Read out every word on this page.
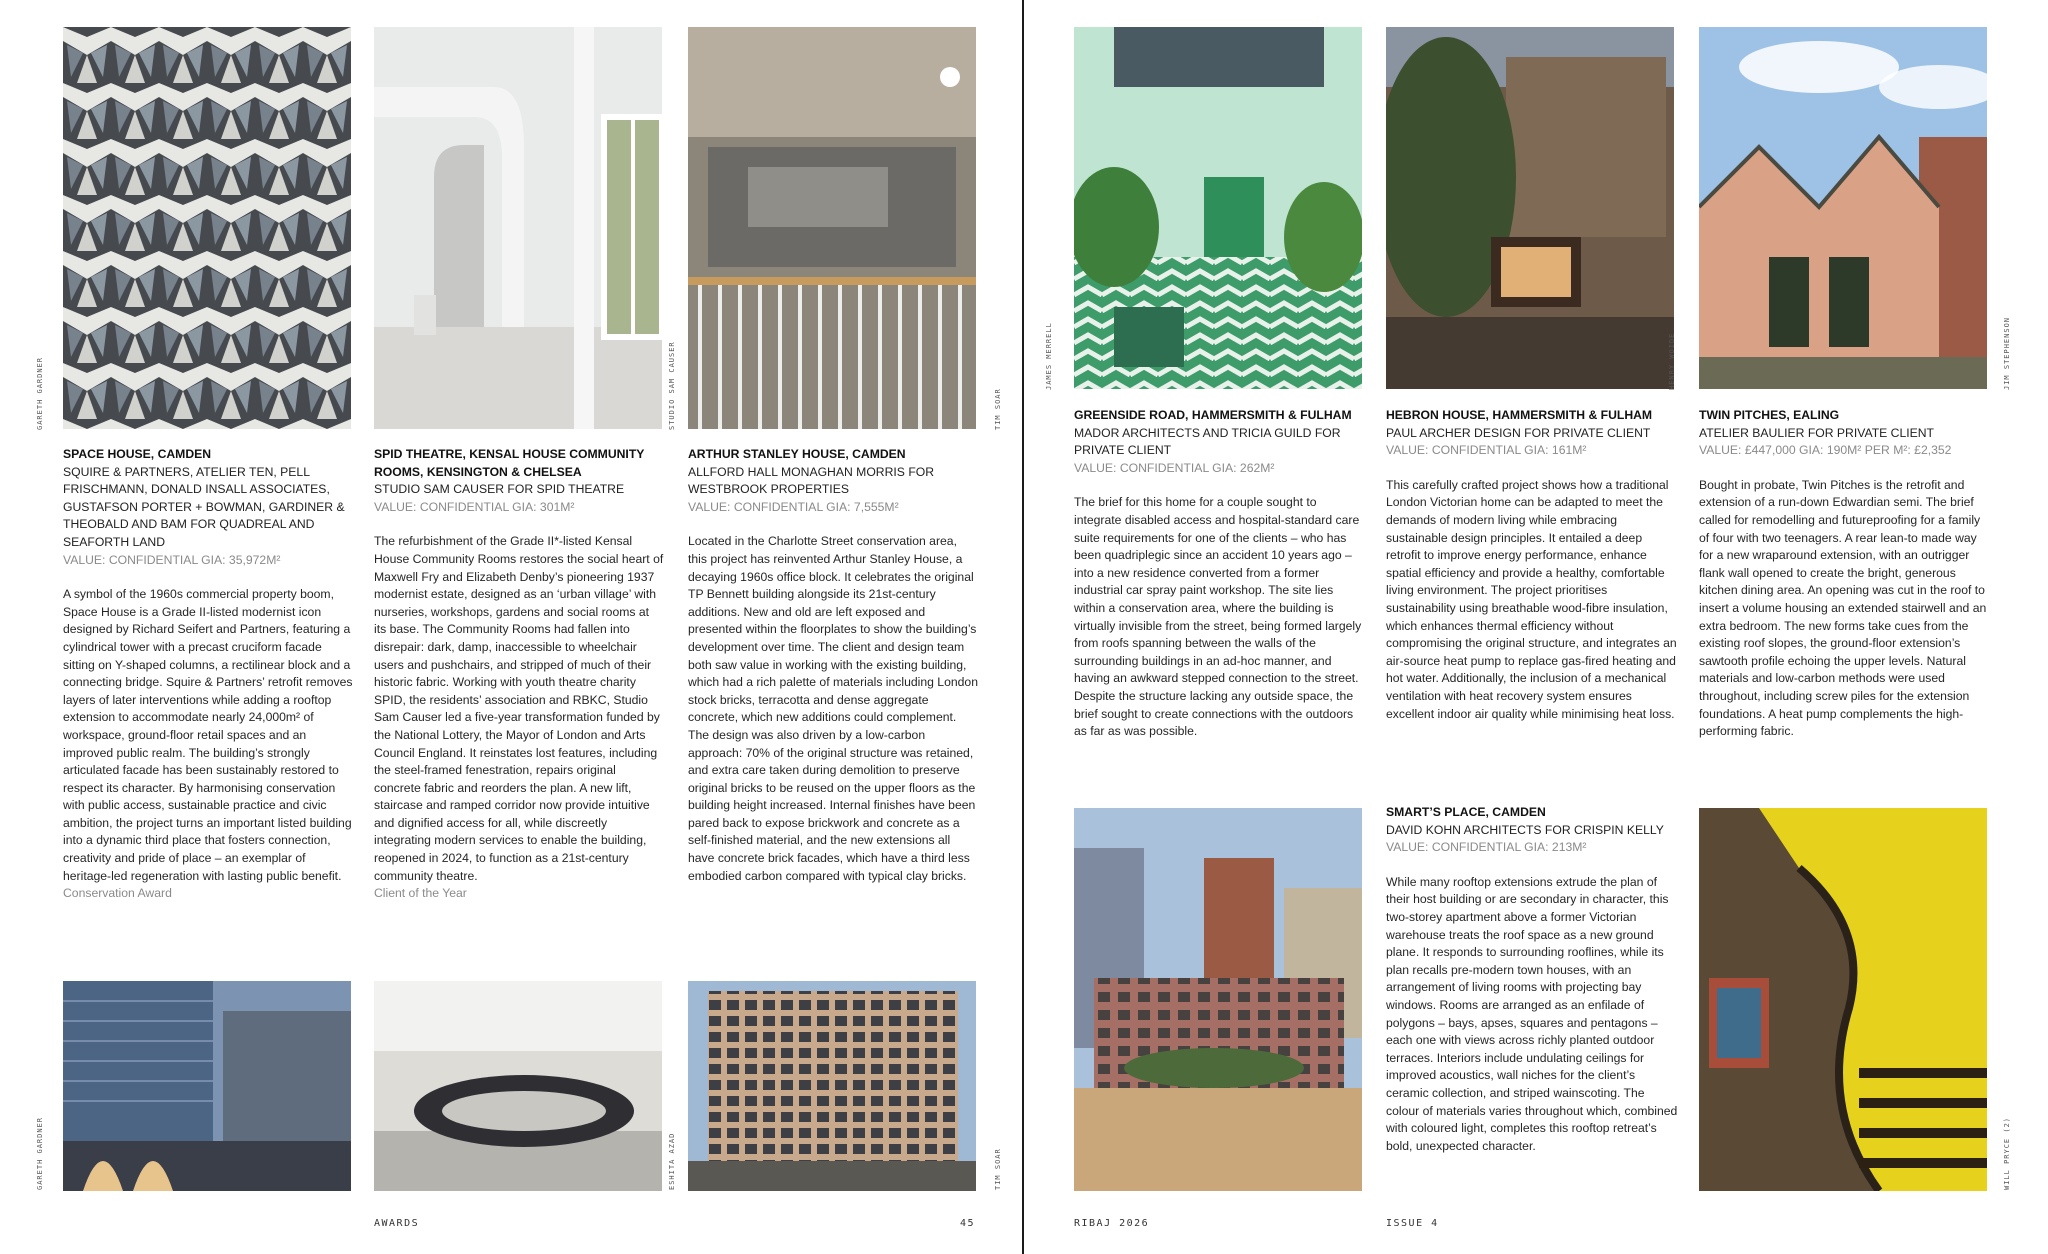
GARETH GARDNER	STUDIO SAM CAUSER	TIM SOAR
GARETH GARDNER	ESHITA AZAD	TIM SOAR
JAMES MERRELL	HENRY WOIDE	JIM STEPHENSON
WILL PRYCE (2)
SPACE HOUSE, CAMDEN
SQUIRE & PARTNERS, ATELIER TEN, PELL FRISCHMANN, DONALD INSALL ASSOCIATES, GUSTAFSON PORTER + BOWMAN, GARDINER & THEOBALD AND BAM FOR QUADREAL AND SEAFORTH LAND
VALUE: CONFIDENTIAL GIA: 35,972M²
A symbol of the 1960s commercial property boom, Space House is a Grade II-listed modernist icon designed by Richard Seifert and Partners, featuring a cylindrical tower with a precast cruciform facade sitting on Y-shaped columns, a rectilinear block and a connecting bridge. Squire & Partners’ retrofit removes layers of later interventions while adding a rooftop extension to accommodate nearly 24,000m² of workspace, ground-floor retail spaces and an improved public realm. The building’s strongly articulated facade has been sustainably restored to respect its character. By harmonising conservation with public access, sustainable practice and civic ambition, the project turns an important listed building into a dynamic third place that fosters connection, creativity and pride of place – an exemplar of heritage-led regeneration with lasting public benefit.
Conservation Award
SPID THEATRE, KENSAL HOUSE COMMUNITY ROOMS, KENSINGTON & CHELSEA
STUDIO SAM CAUSER FOR SPID THEATRE
VALUE: CONFIDENTIAL GIA: 301M²
The refurbishment of the Grade II*-listed Kensal House Community Rooms restores the social heart of Maxwell Fry and Elizabeth Denby’s pioneering 1937 modernist estate, designed as an ‘urban village’ with nurseries, workshops, gardens and social rooms at its base. The Community Rooms had fallen into disrepair: dark, damp, inaccessible to wheelchair users and pushchairs, and stripped of much of their historic fabric. Working with youth theatre charity SPID, the residents’ association and RBKC, Studio Sam Causer led a five-year transformation funded by the National Lottery, the Mayor of London and Arts Council England. It reinstates lost features, including the steel-framed fenestration, repairs original concrete fabric and reorders the plan. A new lift, staircase and ramped corridor now provide intuitive and dignified access for all, while discreetly integrating modern services to enable the building, reopened in 2024, to function as a 21st-century community theatre.
Client of the Year
ARTHUR STANLEY HOUSE, CAMDEN
ALLFORD HALL MONAGHAN MORRIS FOR WESTBROOK PROPERTIES
VALUE: CONFIDENTIAL GIA: 7,555M²
Located in the Charlotte Street conservation area, this project has reinvented Arthur Stanley House, a decaying 1960s office block. It celebrates the original TP Bennett building alongside its 21st-century additions. New and old are left exposed and presented within the floorplates to show the building’s development over time. The client and design team both saw value in working with the existing building, which had a rich palette of materials including London stock bricks, terracotta and dense aggregate concrete, which new additions could complement. The design was also driven by a low-carbon approach: 70% of the original structure was retained, and extra care taken during demolition to preserve original bricks to be reused on the upper floors as the building height increased. Internal finishes have been pared back to expose brickwork and concrete as a self-finished material, and the new extensions all have concrete brick facades, which have a third less embodied carbon compared with typical clay bricks.
GREENSIDE ROAD, HAMMERSMITH & FULHAM
MADOR ARCHITECTS AND TRICIA GUILD FOR PRIVATE CLIENT
VALUE: CONFIDENTIAL GIA: 262M²
The brief for this home for a couple sought to integrate disabled access and hospital-standard care suite requirements for one of the clients – who has been quadriplegic since an accident 10 years ago – into a new residence converted from a former industrial car spray paint workshop. The site lies within a conservation area, where the building is virtually invisible from the street, being formed largely from roofs spanning between the walls of the surrounding buildings in an ad-hoc manner, and having an awkward stepped connection to the street. Despite the structure lacking any outside space, the brief sought to create connections with the outdoors as far as was possible.
HEBRON HOUSE, HAMMERSMITH & FULHAM
PAUL ARCHER DESIGN FOR PRIVATE CLIENT
VALUE: CONFIDENTIAL GIA: 161M²
This carefully crafted project shows how a traditional London Victorian home can be adapted to meet the demands of modern living while embracing sustainable design principles. It entailed a deep retrofit to improve energy performance, enhance spatial efficiency and provide a healthy, comfortable living environment. The project prioritises sustainability using breathable wood-fibre insulation, which enhances thermal efficiency without compromising the original structure, and integrates an air-source heat pump to replace gas-fired heating and hot water. Additionally, the inclusion of a mechanical ventilation with heat recovery system ensures excellent indoor air quality while minimising heat loss.
TWIN PITCHES, EALING
ATELIER BAULIER FOR PRIVATE CLIENT
VALUE: £447,000 GIA: 190M² PER M²: £2,352
Bought in probate, Twin Pitches is the retrofit and extension of a run-down Edwardian semi. The brief called for remodelling and futureproofing for a family of four with two teenagers. A rear lean-to made way for a new wraparound extension, with an outrigger flank wall opened to create the bright, generous kitchen dining area. An opening was cut in the roof to insert a volume housing an extended stairwell and an extra bedroom. The new forms take cues from the existing roof slopes, the ground-floor extension’s sawtooth profile echoing the upper levels. Natural materials and low-carbon methods were used throughout, including screw piles for the extension foundations. A heat pump complements the high-performing fabric.
SMART’S PLACE, CAMDEN
DAVID KOHN ARCHITECTS FOR CRISPIN KELLY
VALUE: CONFIDENTIAL GIA: 213M²
While many rooftop extensions extrude the plan of their host building or are secondary in character, this two-storey apartment above a former Victorian warehouse treats the roof space as a new ground plane. It responds to surrounding rooflines, while its plan recalls pre-modern town houses, with an arrangement of living rooms with projecting bay windows. Rooms are arranged as an enfilade of polygons – bays, apses, squares and pentagons – each one with views across richly planted outdoor terraces. Interiors include undulating ceilings for improved acoustics, wall niches for the client’s ceramic collection, and striped wainscoting. The colour of materials varies throughout which, combined with coloured light, completes this rooftop retreat’s bold, unexpected character.
AWARDS	45	RIBAJ 2026	ISSUE 4
